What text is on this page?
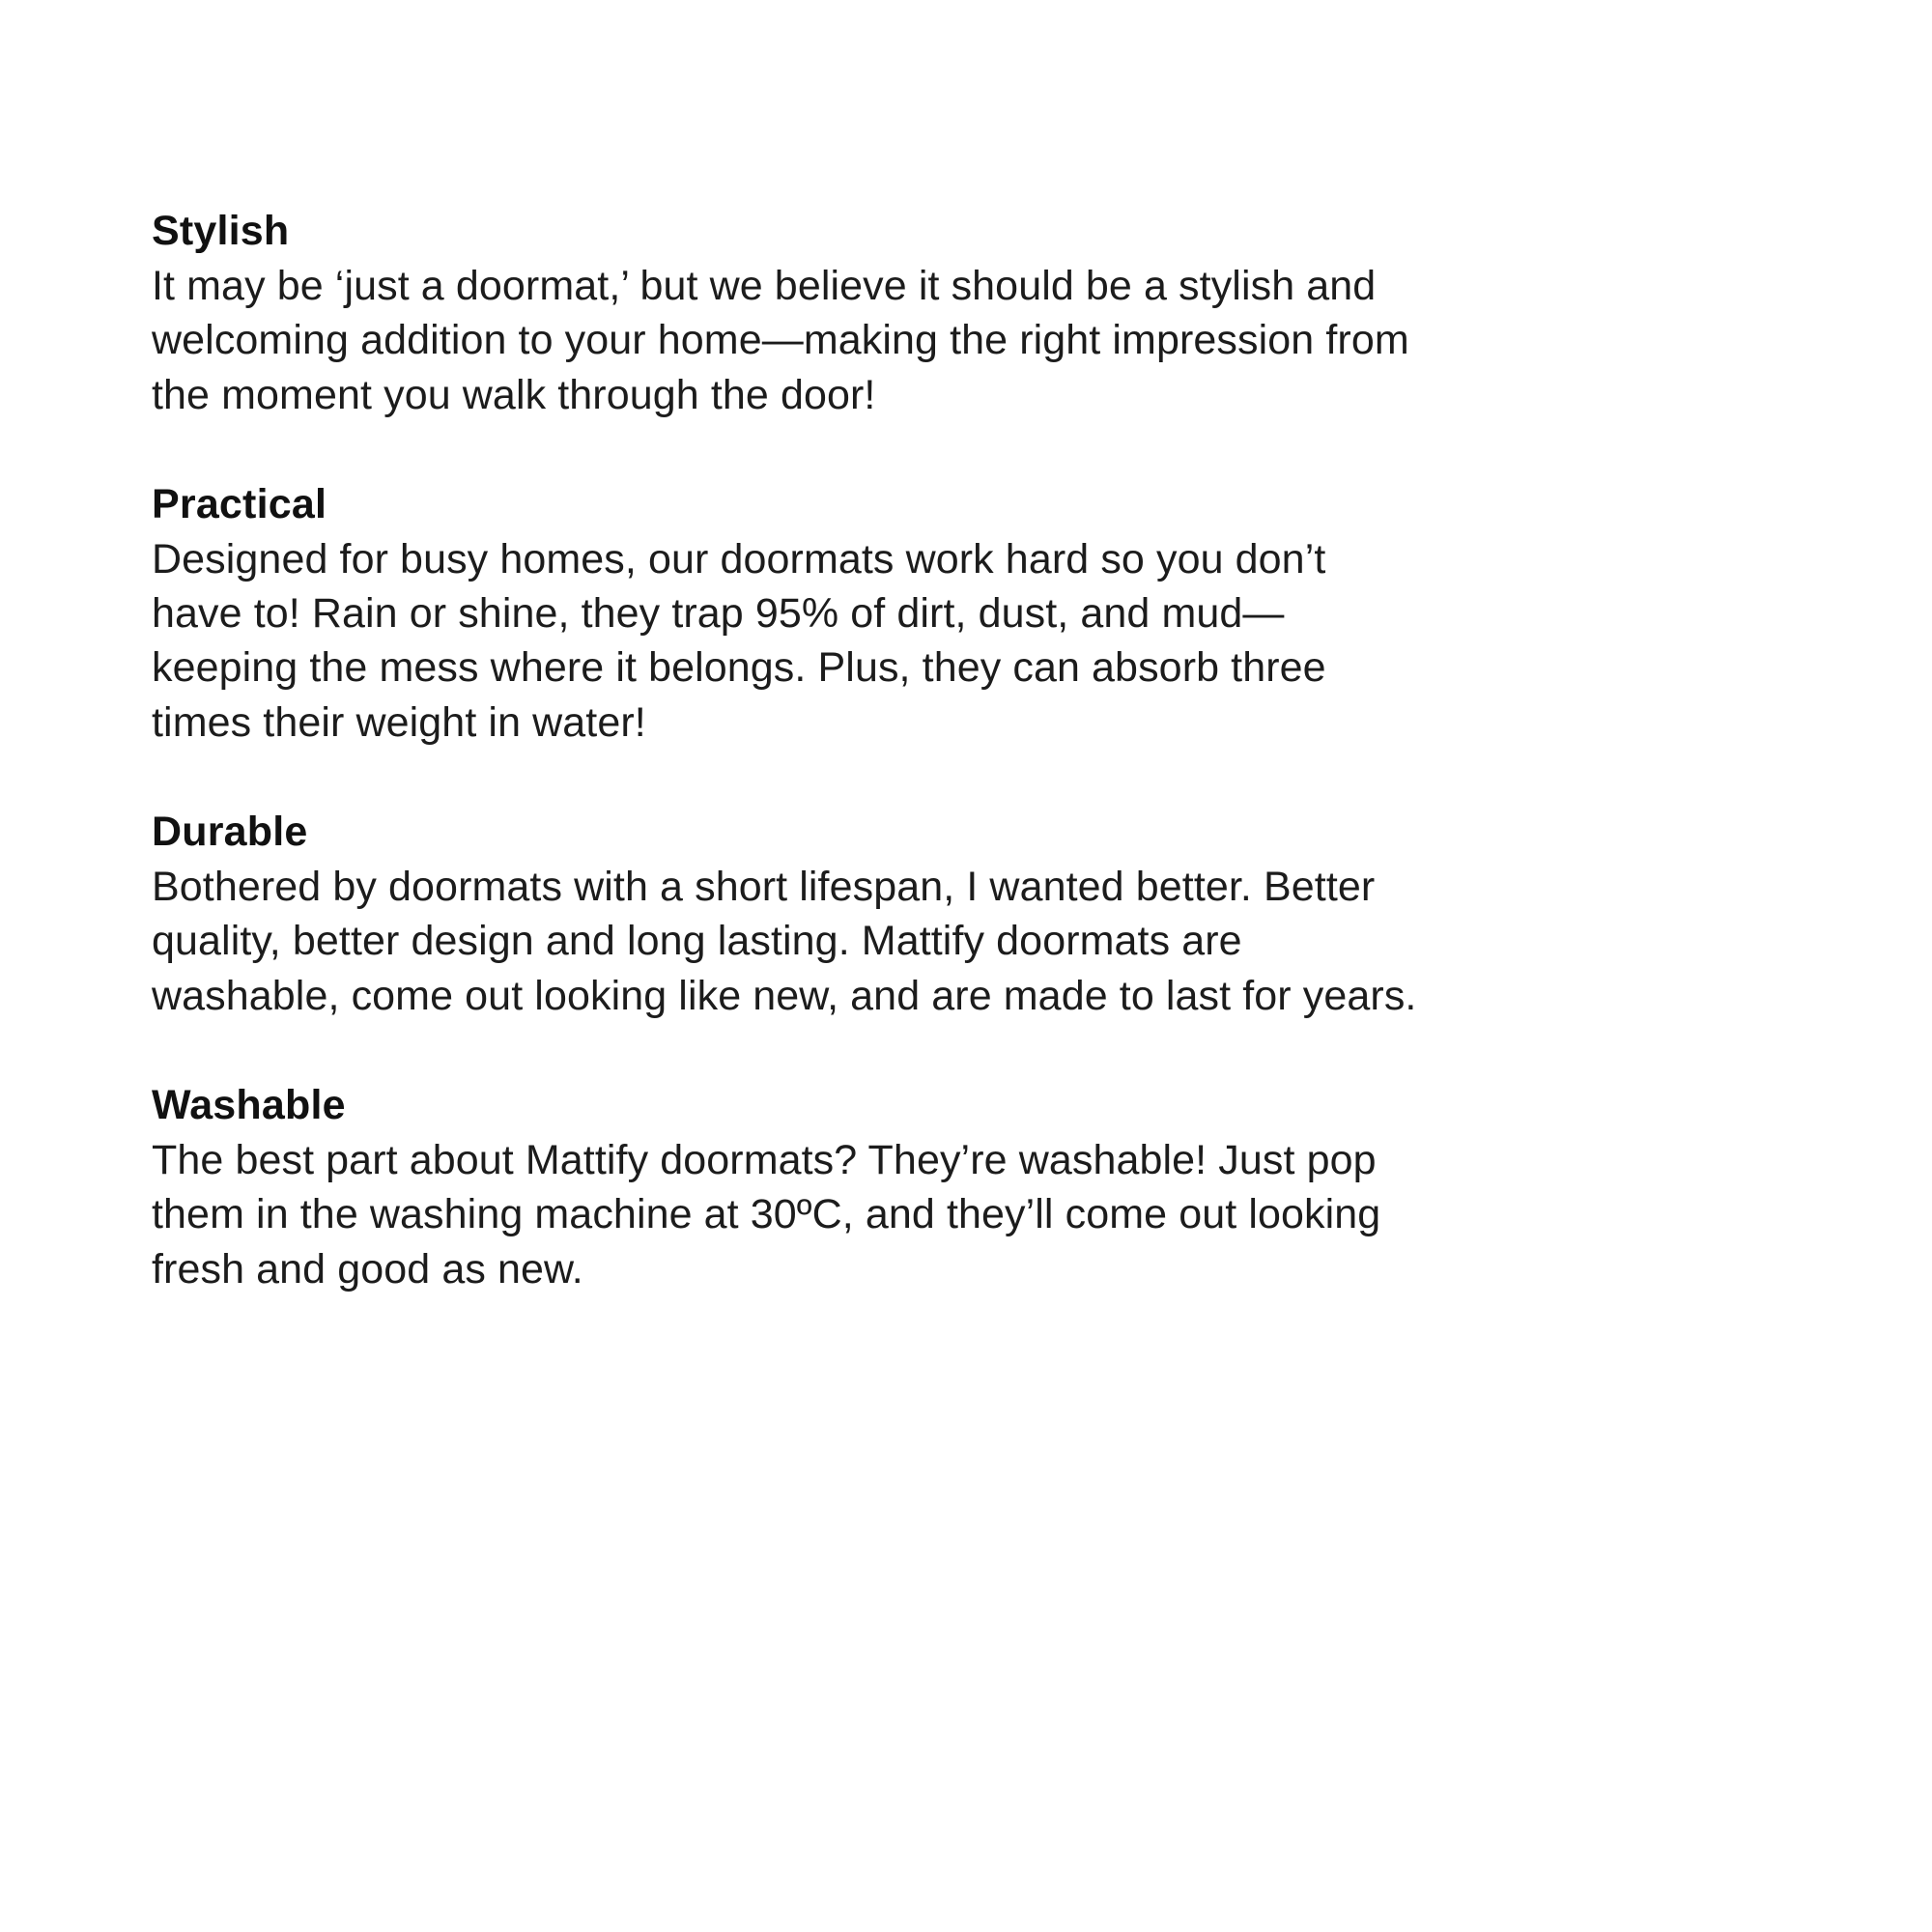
Stylish

It may be ‘just a doormat,’ but we believe it should be a stylish and welcoming addition to your home—making the right impression from the moment you walk through the door!

Practical

Designed for busy homes, our doormats work hard so you don’t have to! Rain or shine, they trap 95% of dirt, dust, and mud—keeping the mess where it belongs. Plus, they can absorb three times their weight in water!

Durable

Bothered by doormats with a short lifespan, I wanted better. Better quality, better design and long lasting. Mattify doormats are washable, come out looking like new, and are made to last for years.

Washable

The best part about Mattify doormats? They’re washable! Just pop them in the washing machine at 30ºC, and they’ll come out looking fresh and good as new.
